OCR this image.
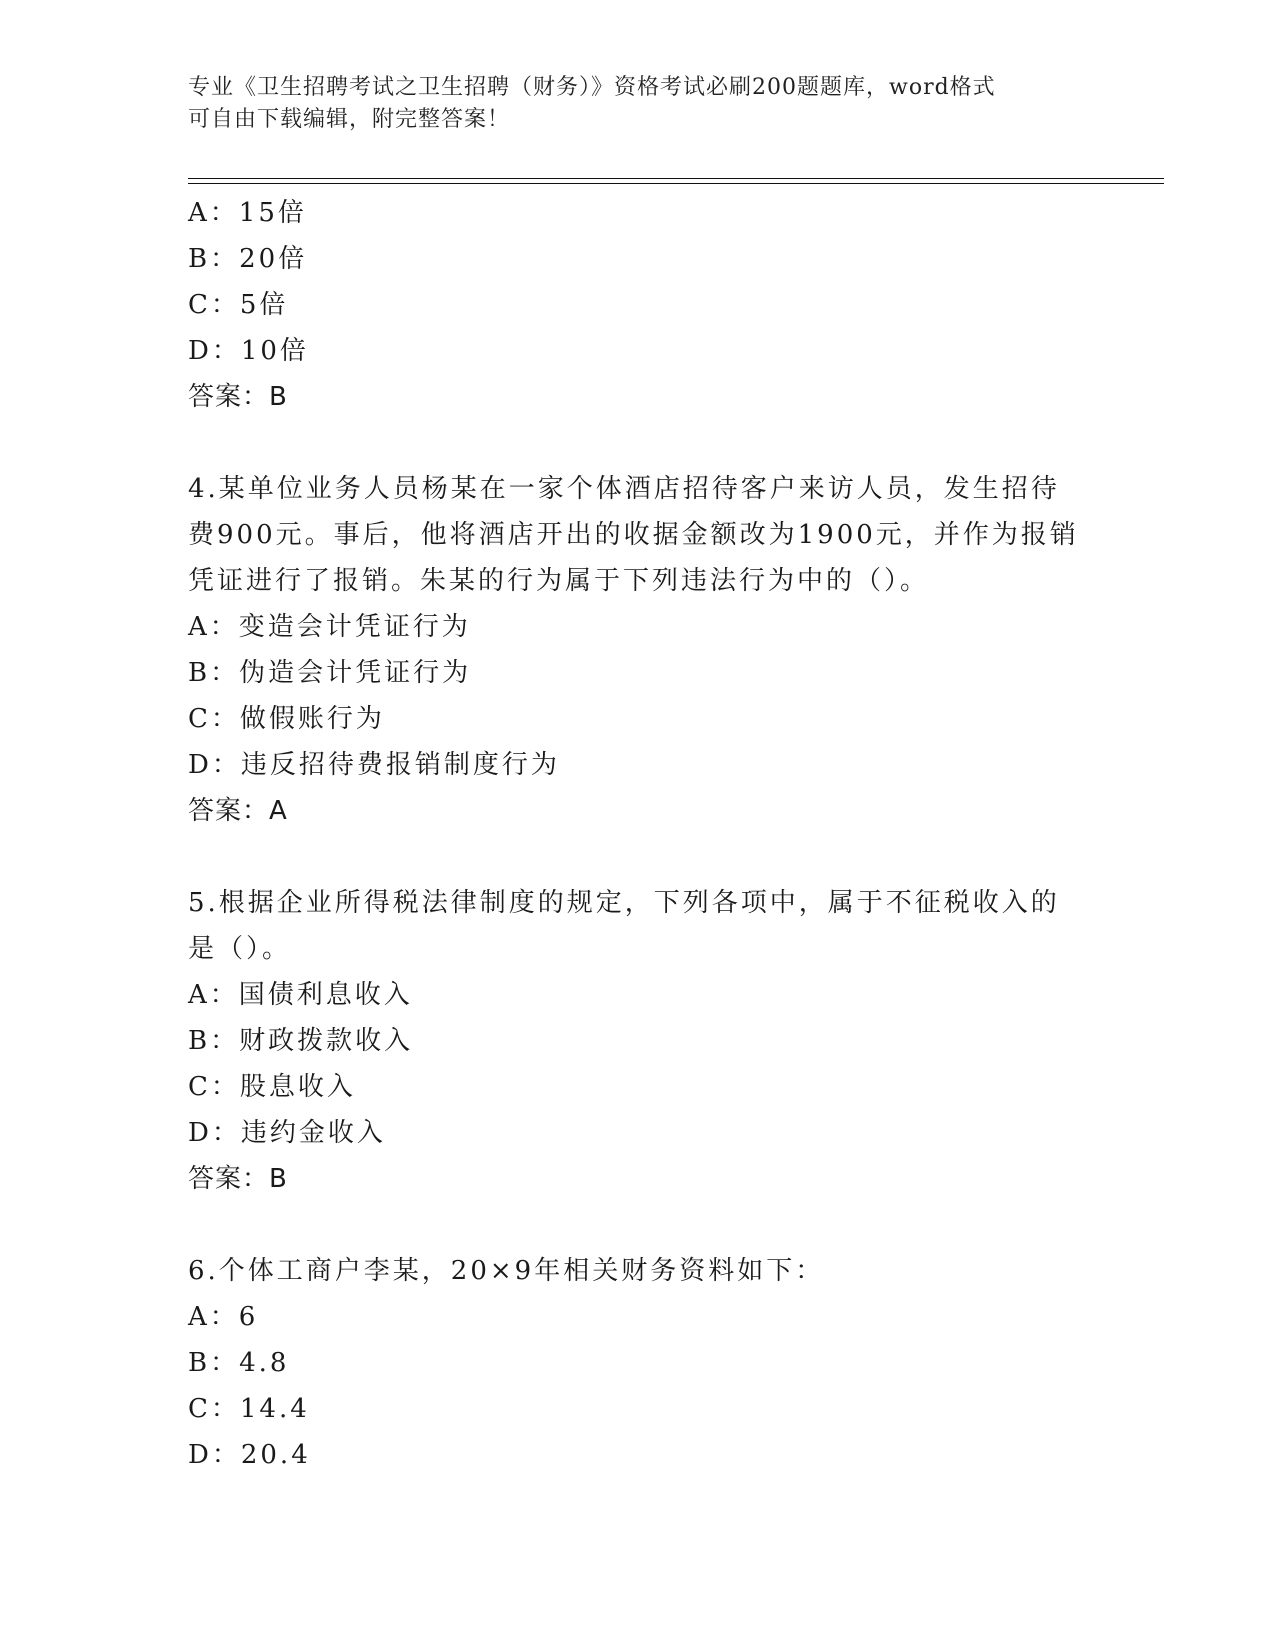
专业《卫生招聘考试之卫生招聘（财务）》资格考试必刷200题题库，word格式
可自由下载编辑，附完整答案！
A：15倍
B：20倍
C：5倍
D：10倍
答案：B
4.某单位业务人员杨某在一家个体酒店招待客户来访人员，发生招待
费900元。事后，他将酒店开出的收据金额改为1900元，并作为报销
凭证进行了报销。朱某的行为属于下列违法行为中的（）。
A：变造会计凭证行为
B：伪造会计凭证行为
C：做假账行为
D：违反招待费报销制度行为
答案：A
5.根据企业所得税法律制度的规定，下列各项中，属于不征税收入的
是（）。
A：国债利息收入
B：财政拨款收入
C：股息收入
D：违约金收入
答案：B
6.个体工商户李某，20×9年相关财务资料如下：
A：6
B：4.8
C：14.4
D：20.4
